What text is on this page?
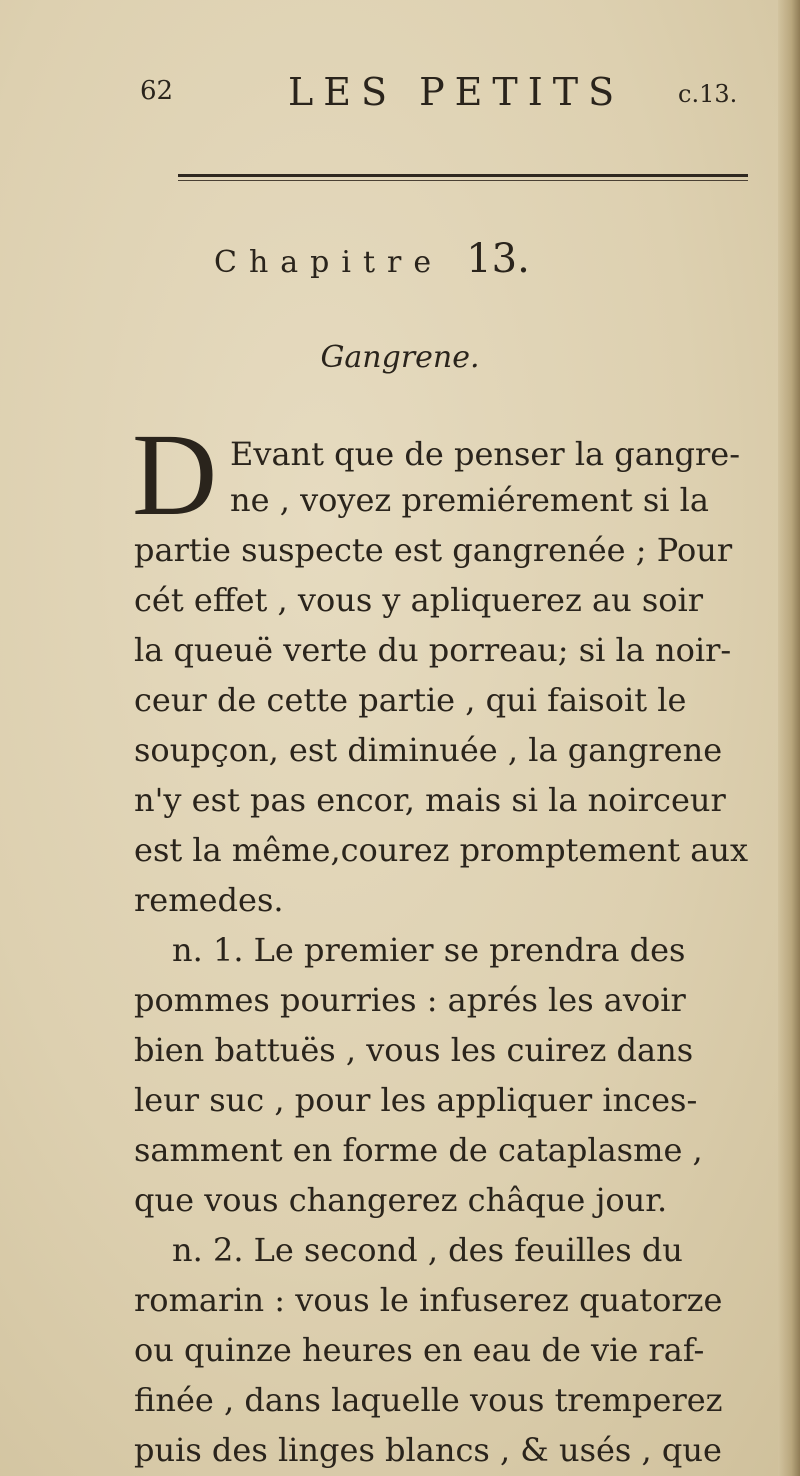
62	LES PETITS c.13.
Chapitre 13.
Gangrene.
D Evant que de penser la gangre-
ne , voyez premiérement si la
partie suspecte est gangrenée ; Pour
cét effet , vous y apliquerez au soir
la queuë verte du porreau; si la noir-
ceur de cette partie , qui faisoit le
soupçon, est diminuée , la gangrene
n'y est pas encor, mais si la noirceur
est la même,courez promptement aux
remedes.
n. 1. Le premier se prendra des
pommes pourries : aprés les avoir
bien battuës , vous les cuirez dans
leur suc , pour les appliquer inces-
samment en forme de cataplasme ,
que vous changerez châque jour.
n. 2. Le second , des feuilles du
romarin : vous le infuserez quatorze
ou quinze heures en eau de vie raf-
finée , dans laquelle vous tremperez
puis des linges blancs , & usés , que
